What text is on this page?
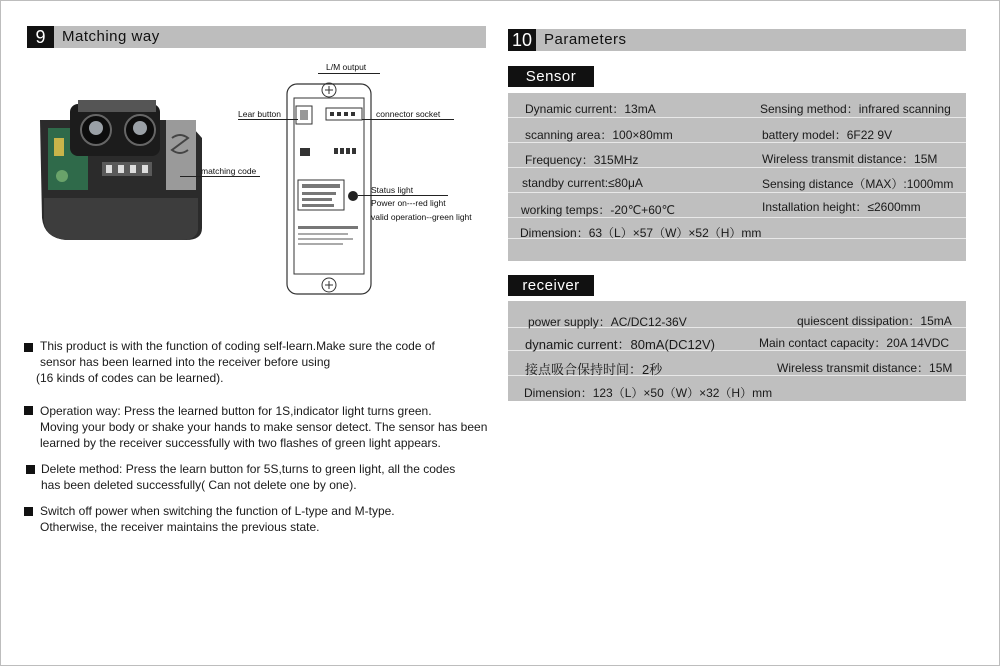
9	Matching way
matching code
L/M output
Lear button	connector socket
Status light
Power on---red light
valid operation--green light
This product is with the function of coding self-learn.Make sure the code of
sensor has been learned into the receiver before using
(16 kinds of codes can be learned).
Operation way: Press the learned button for 1S,indicator light turns green.
Moving your body or shake your hands to make sensor detect. The sensor has been
learned by the receiver successfully with two flashes of green light appears.
Delete method: Press the learn button for 5S,turns to green light, all the codes
has been deleted successfully( Can not delete one by one).
Switch off power when switching the function of L-type and M-type.
Otherwise, the receiver maintains the previous state.
10 Parameters
Sensor
Dynamic current：13mA	Sensing method：infrared scanning
scanning area：100×80mm	battery model：6F22 9V
Frequency：315MHz	Wireless transmit distance：15M
standby current:≤80μA	Sensing distance（MAX）:1000mm
working temps：-20℃+60℃	Installation height：≤2600mm
Dimension：63（L）×57（W）×52（H）mm
receiver
power supply：AC/DC12-36V	quiescent dissipation：15mA
dynamic current：80mA(DC12V)	Main contact capacity：20A 14VDC
接点吸合保持时间：2秒	Wireless transmit distance：15M
Dimension：123（L）×50（W）×32（H）mm
